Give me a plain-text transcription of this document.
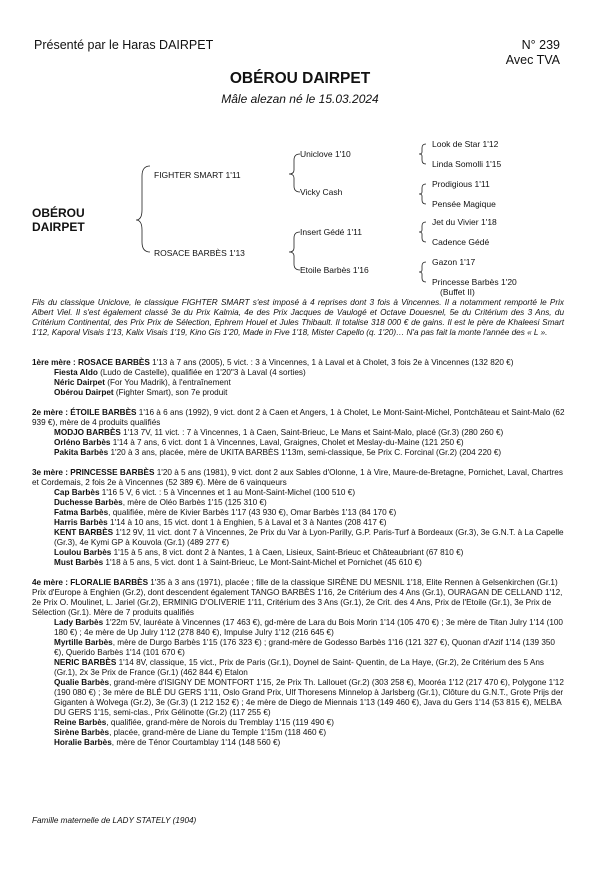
Présenté par le Haras DAIRPET	N° 239
Avec TVA
OBÉROU DAIRPET
Mâle alezan né le 15.03.2024
OBÉROU
DAIRPET
FIGHTER SMART 1'11
ROSACE BARBÈS 1'13
Uniclove 1'10
Vicky Cash
Insert Gédé 1'11
Etoile Barbès 1'16
Look de Star 1'12
Linda Somolli 1'15
Prodigious 1'11
Pensée Magique
Jet du Vivier 1'18
Cadence Gédé
Gazon 1'17
Princesse Barbès 1'20
(Buffet II)
Fils du classique Uniclove, le classique FIGHTER SMART s'est imposé à 4 reprises dont 3 fois à Vincennes. Il a notamment remporté le Prix Albert Viel. Il s'est également classé 3e du Prix Kalmia, 4e des Prix Jacques de Vaulogé et Octave Douesnel, 5e du Critérium des 3 Ans, du Critérium Continental, des Prix Prix de Sélection, Ephrem Houel et Jules Thibault. Il totalise 318 000 € de gains. Il est le père de Khaleesi Smart 1'12, Kaporal Visais 1'13, Kalix Visais 1'19, Kino Gis 1'20, Made in Five 1'18, Mister Capello (q. 1'20)… N'a pas fait la monte l'année des « L ».
1ère mère : ROSACE BARBÈS 1'13 à 7 ans (2005), 5 vict. : 3 à Vincennes, 1 à Laval et à Cholet, 3 fois 2e à Vincennes (132 820 €)
Fiesta Aldo (Ludo de Castelle), qualifiée en 1'20"3 à Laval (4 sorties)
Néric Dairpet (For You Madrik), à l'entraînement
Obérou Dairpet (Fighter Smart), son 7e produit
2e mère : ÉTOILE BARBÈS 1'16 à 6 ans (1992), 9 vict. dont 2 à Caen et Angers, 1 à Cholet, Le Mont-Saint-Michel, Pontchâteau et Saint-Malo (62 939 €), mère de 4 produits qualifiés
MODJO BARBÈS 1'13 7V, 11 vict. : 7 à Vincennes, 1 à Caen, Saint-Brieuc, Le Mans et Saint-Malo, placé (Gr.3) (280 260 €)
Orléno Barbès 1'14 à 7 ans, 6 vict. dont 1 à Vincennes, Laval, Graignes, Cholet et Meslay-du-Maine (121 250 €)
Pakita Barbès 1'20 à 3 ans, placée, mère de UKITA BARBÈS 1'13m, semi-classique, 5e Prix C. Forcinal (Gr.2) (204 220 €)
3e mère : PRINCESSE BARBÈS 1'20 à 5 ans (1981), 9 vict. dont 2 aux Sables d'Olonne, 1 à Vire, Maure-de-Bretagne, Pornichet, Laval, Chartres et Cordemais, 2 fois 2e à Vincennes (52 389 €). Mère de 6 vainqueurs
Cap Barbès 1'16 5 V, 6 vict. : 5 à Vincennes et 1 au Mont-Saint-Michel (100 510 €)
Duchesse Barbès, mère de Oléo Barbès 1'15 (125 310 €)
Fatma Barbès, qualifiée, mère de Kivier Barbès 1'17 (43 930 €), Omar Barbès 1'13 (84 170 €)
Harris Barbès 1'14 à 10 ans, 15 vict. dont 1 à Enghien, 5 à Laval et 3 à Nantes (208 417 €)
KENT BARBÈS 1'12 9V, 11 vict. dont 7 à Vincennes, 2e Prix du Var à Lyon-Parilly, G.P. Paris-Turf à Bordeaux (Gr.3), 3e G.N.T. à La Capelle (Gr.3), 4e Kymi GP à Kouvola (Gr.1) (489 277 €)
Loulou Barbès 1'15 à 5 ans, 8 vict. dont 2 à Nantes, 1 à Caen, Lisieux, Saint-Brieuc et Châteaubriant (67 810 €)
Must Barbès 1'18 à 5 ans, 5 vict. dont 1 à Saint-Brieuc, Le Mont-Saint-Michel et Pornichet (45 610 €)
4e mère : FLORALIE BARBÈS 1'35 à 3 ans (1971), placée ; fille de la classique SIRÈNE DU MESNIL 1'18, Elite Rennen à Gelsenkirchen (Gr.1) Prix d'Europe à Enghien (Gr.2), dont descendent également TANGO BARBÈS 1'16, 2e Critérium des 4 Ans (Gr.1), OURAGAN DE CELLAND 1'12, 2e Prix O. Moulinet, L. Jariel (Gr.2), ERMINIG D'OLIVERIE 1'11, Critérium des 3 Ans (Gr.1), 2e Crit. des 4 Ans, Prix de l'Etoile (Gr.1), 3e Prix de Sélection (Gr.1). Mère de 7 produits qualifiés
Lady Barbès 1'22m 5V, lauréate à Vincennes (17 463 €), gd-mère de Lara du Bois Morin 1'14 (105 470 €) ; 3e mère de Titan Julry 1'14 (100 180 €) ; 4e mère de Up Julry 1'12 (278 840 €), Impulse Julry 1'12 (216 645 €)
Myrtille Barbès, mère de Durgo Barbès 1'15 (176 323 €) ; grand-mère de Godesso Barbès 1'16 (121 327 €), Quonan d'Azif 1'14 (139 350 €), Querido Barbès 1'14 (101 670 €)
NERIC BARBÈS 1'14 8V, classique, 15 vict., Prix de Paris (Gr.1), Doynel de Saint- Quentin, de La Haye, (Gr.2), 2e Critérium des 5 Ans (Gr.1), 2x 3e Prix de France (Gr.1) (462 844 €) Etalon
Qualie Barbès, grand-mère d'ISIGNY DE MONTFORT 1'15, 2e Prix Th. Lallouet (Gr.2) (303 258 €), Mooréa 1'12 (217 470 €), Polygone 1'12 (190 080 €) ; 3e mère de BLÉ DU GERS 1'11, Oslo Grand Prix, Ulf Thoresens Minnelop à Jarlsberg (Gr.1), Clôture du G.N.T., Grote Prijs der Giganten à Wolvega (Gr.2), 3e (Gr.3) (1 212 152 €) ; 4e mère de Diego de Miennais 1'13 (149 460 €), Java du Gers 1'14 (53 815 €), MELBA DU GERS 1'15, semi-clas., Prix Gélinotte (Gr.2) (117 255 €)
Reine Barbès, qualifiée, grand-mère de Norois du Tremblay 1'15 (119 490 €)
Sirène Barbès, placée, grand-mère de Liane du Temple 1'15m (118 460 €)
Horalie Barbès, mère de Ténor Courtamblay 1'14 (148 560 €)
Famille maternelle de LADY STATELY (1904)
